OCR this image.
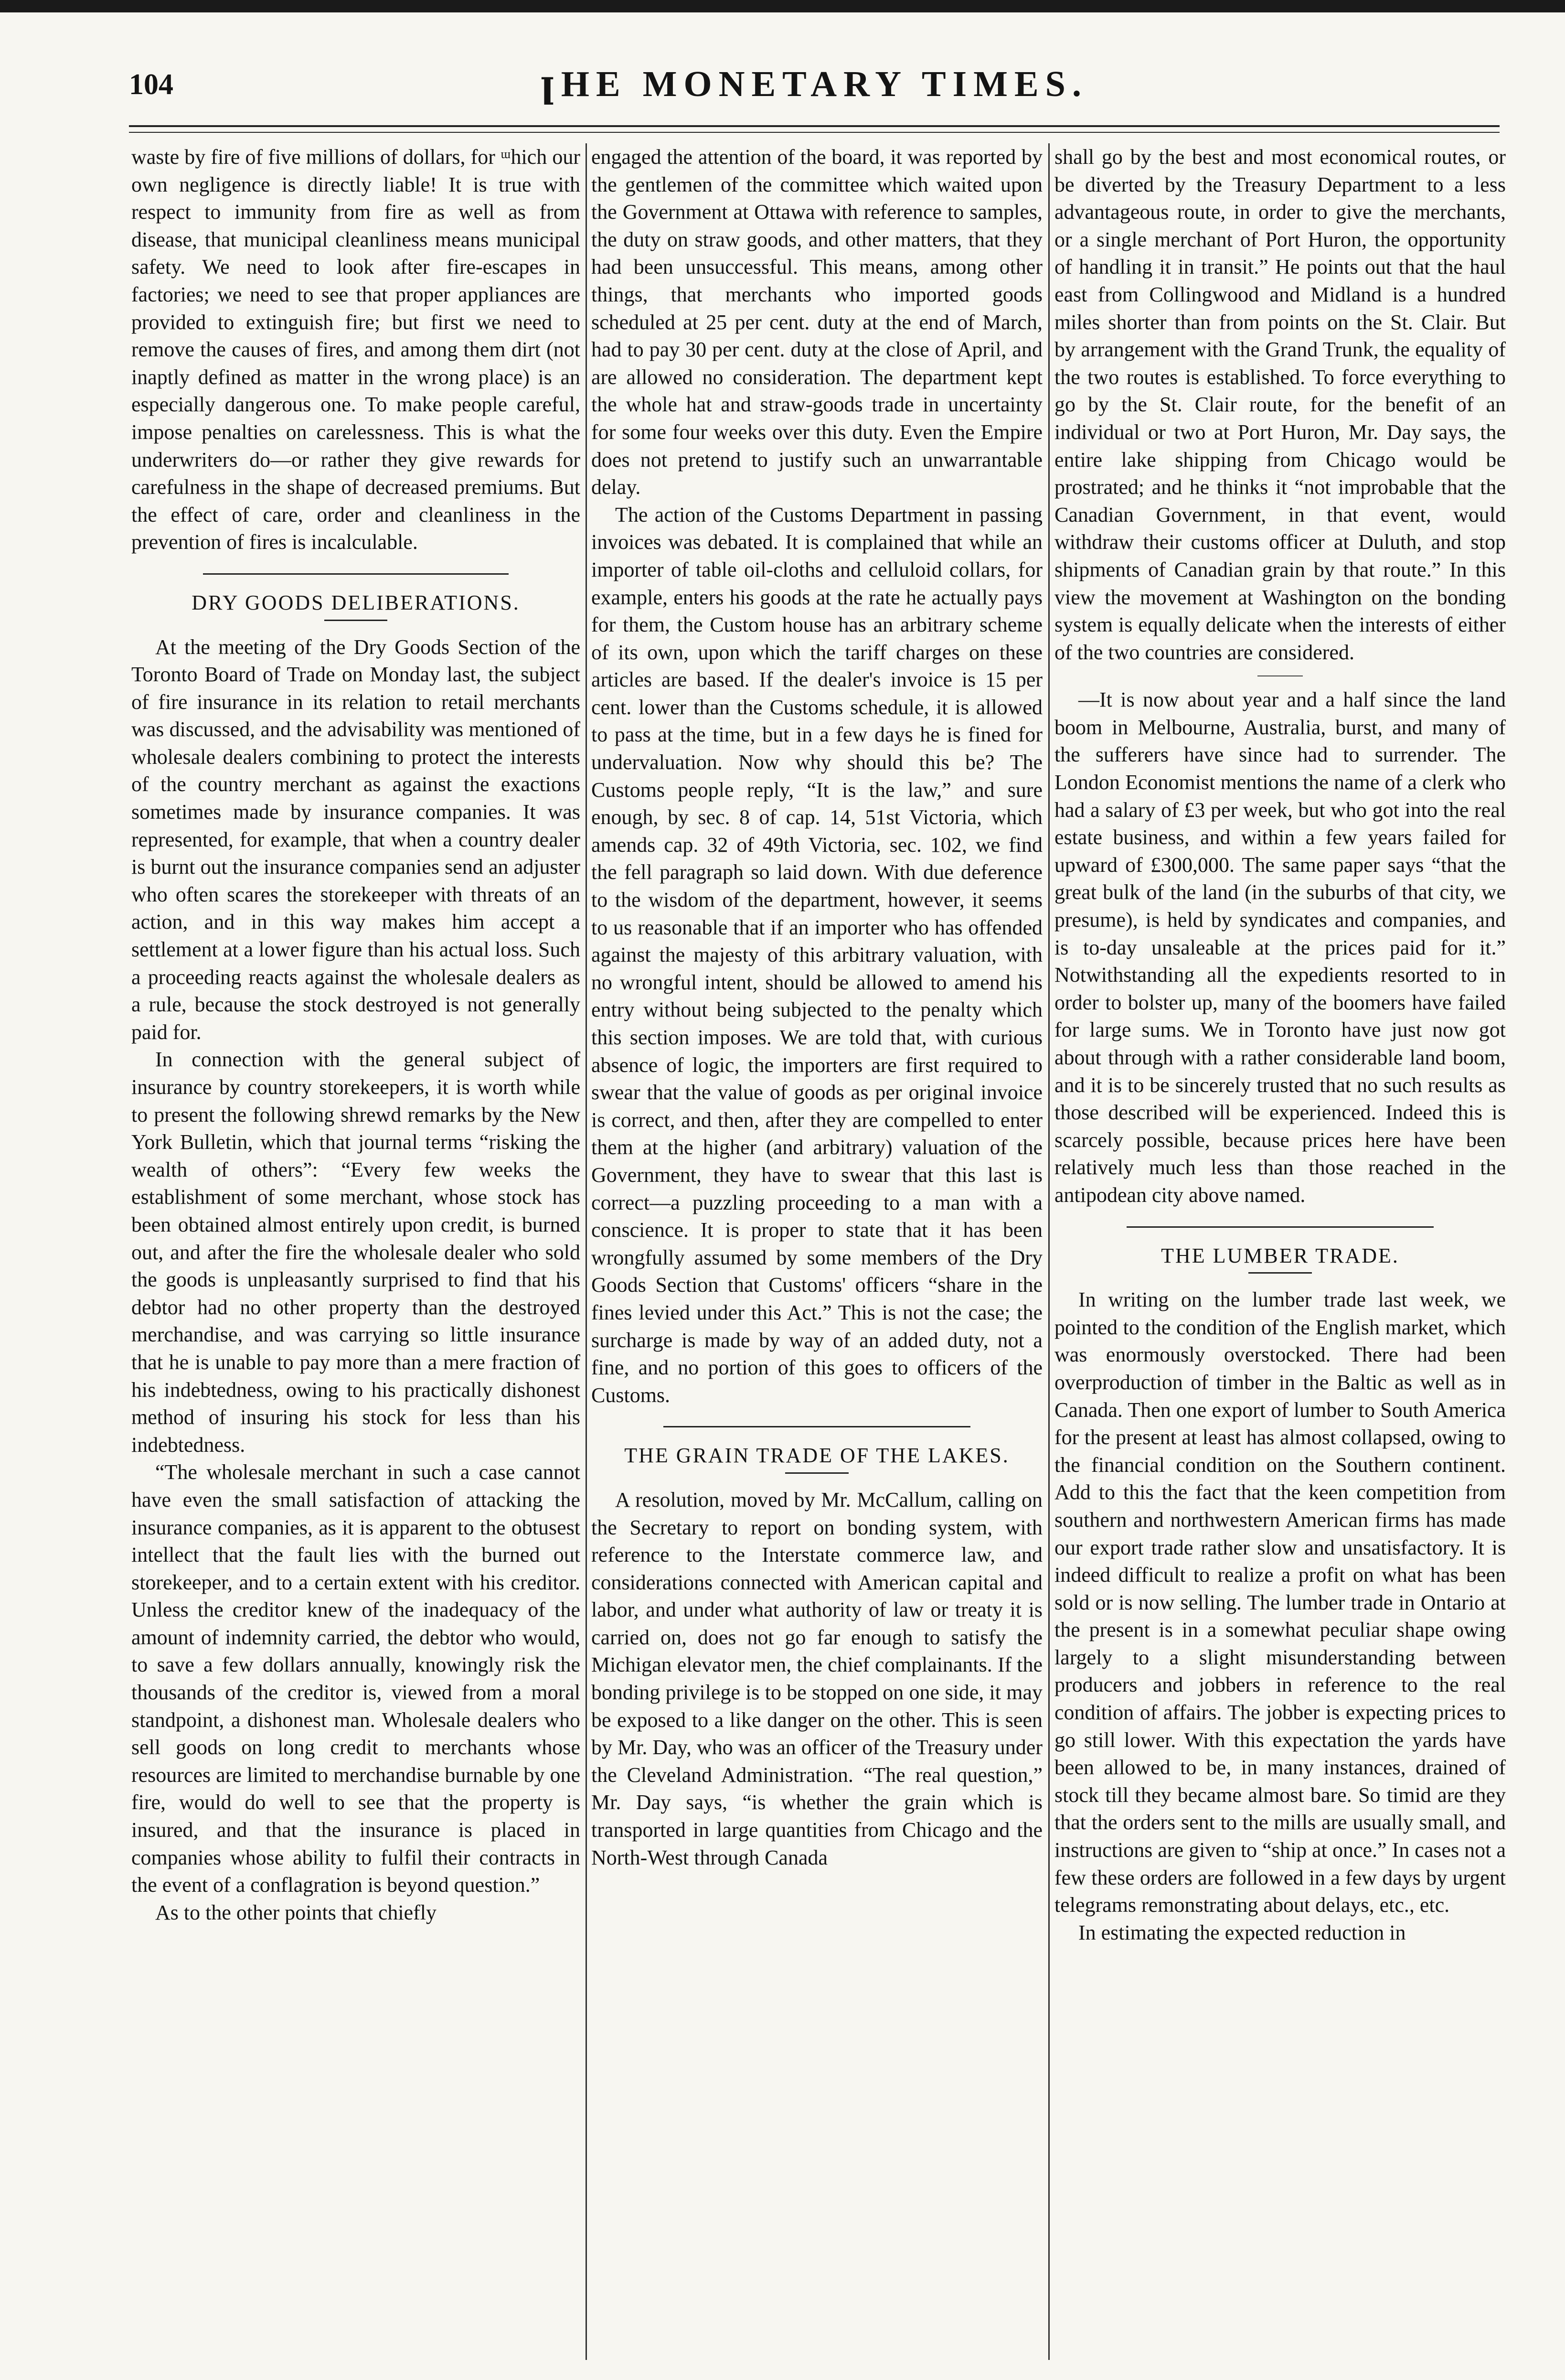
104	ꞁHE MONETARY TIMES.

waste by fire of five millions of dollars, for ᵚhich our own negligence is directly liable! It is true with respect to immunity from fire as well as from disease, that municipal cleanliness means municipal safety. We need to look after fire-escapes in factories; we need to see that proper appliances are provided to extinguish fire; but first we need to remove the causes of fires, and among them dirt (not inaptly defined as matter in the wrong place) is an especially dangerous one. To make people careful, impose penalties on carelessness. This is what the underwriters do—or rather they give rewards for carefulness in the shape of decreased premiums. But the effect of care, order and cleanliness in the prevention of fires is incalculable.

DRY GOODS DELIBERATIONS.

At the meeting of the Dry Goods Section of the Toronto Board of Trade on Monday last, the subject of fire insurance in its relation to retail merchants was discussed, and the advisability was mentioned of wholesale dealers combining to protect the interests of the country merchant as against the exactions sometimes made by insurance companies. It was represented, for example, that when a country dealer is burnt out the insurance companies send an adjuster who often scares the storekeeper with threats of an action, and in this way makes him accept a settlement at a lower figure than his actual loss. Such a proceeding reacts against the wholesale dealers as a rule, because the stock destroyed is not generally paid for.

In connection with the general subject of insurance by country storekeepers, it is worth while to present the following shrewd remarks by the New York Bulletin, which that journal terms “risking the wealth of others”: “Every few weeks the establishment of some merchant, whose stock has been obtained almost entirely upon credit, is burned out, and after the fire the wholesale dealer who sold the goods is unpleasantly surprised to find that his debtor had no other property than the destroyed merchandise, and was carrying so little insurance that he is unable to pay more than a mere fraction of his indebtedness, owing to his practically dishonest method of insuring his stock for less than his indebtedness.

“The wholesale merchant in such a case cannot have even the small satisfaction of attacking the insurance companies, as it is apparent to the obtusest intellect that the fault lies with the burned out storekeeper, and to a certain extent with his creditor. Unless the creditor knew of the inadequacy of the amount of indemnity carried, the debtor who would, to save a few dollars annually, knowingly risk the thousands of the creditor is, viewed from a moral standpoint, a dishonest man. Wholesale dealers who sell goods on long credit to merchants whose resources are limited to merchandise burnable by one fire, would do well to see that the property is insured, and that the insurance is placed in companies whose ability to fulfil their contracts in the event of a conflagration is beyond question.”

As to the other points that chiefly

engaged the attention of the board, it was reported by the gentlemen of the committee which waited upon the Government at Ottawa with reference to samples, the duty on straw goods, and other matters, that they had been unsuccessful. This means, among other things, that merchants who imported goods scheduled at 25 per cent. duty at the end of March, had to pay 30 per cent. duty at the close of April, and are allowed no consideration. The department kept the whole hat and straw-goods trade in uncertainty for some four weeks over this duty. Even the Empire does not pretend to justify such an unwarrantable delay.

The action of the Customs Department in passing invoices was debated. It is complained that while an importer of table oil-cloths and celluloid collars, for example, enters his goods at the rate he actually pays for them, the Custom house has an arbitrary scheme of its own, upon which the tariff charges on these articles are based. If the dealer's invoice is 15 per cent. lower than the Customs schedule, it is allowed to pass at the time, but in a few days he is fined for undervaluation. Now why should this be? The Customs people reply, “It is the law,” and sure enough, by sec. 8 of cap. 14, 51st Victoria, which amends cap. 32 of 49th Victoria, sec. 102, we find the fell paragraph so laid down. With due deference to the wisdom of the department, however, it seems to us reasonable that if an importer who has offended against the majesty of this arbitrary valuation, with no wrongful intent, should be allowed to amend his entry without being subjected to the penalty which this section imposes. We are told that, with curious absence of logic, the importers are first required to swear that the value of goods as per original invoice is correct, and then, after they are compelled to enter them at the higher (and arbitrary) valuation of the Government, they have to swear that this last is correct—a puzzling proceeding to a man with a conscience. It is proper to state that it has been wrongfully assumed by some members of the Dry Goods Section that Customs' officers “share in the fines levied under this Act.” This is not the case; the surcharge is made by way of an added duty, not a fine, and no portion of this goes to officers of the Customs.

THE GRAIN TRADE OF THE LAKES.

A resolution, moved by Mr. McCallum, calling on the Secretary to report on bonding system, with reference to the Interstate commerce law, and considerations connected with American capital and labor, and under what authority of law or treaty it is carried on, does not go far enough to satisfy the Michigan elevator men, the chief complainants. If the bonding privilege is to be stopped on one side, it may be exposed to a like danger on the other. This is seen by Mr. Day, who was an officer of the Treasury under the Cleveland Administration. “The real question,” Mr. Day says, “is whether the grain which is transported in large quantities from Chicago and the North-West through Canada

shall go by the best and most economical routes, or be diverted by the Treasury Department to a less advantageous route, in order to give the merchants, or a single merchant of Port Huron, the opportunity of handling it in transit.” He points out that the haul east from Collingwood and Midland is a hundred miles shorter than from points on the St. Clair. But by arrangement with the Grand Trunk, the equality of the two routes is established. To force everything to go by the St. Clair route, for the benefit of an individual or two at Port Huron, Mr. Day says, the entire lake shipping from Chicago would be prostrated; and he thinks it “not improbable that the Canadian Government, in that event, would withdraw their customs officer at Duluth, and stop shipments of Canadian grain by that route.” In this view the movement at Washington on the bonding system is equally delicate when the interests of either of the two countries are considered.

—It is now about year and a half since the land boom in Melbourne, Australia, burst, and many of the sufferers have since had to surrender. The London Economist mentions the name of a clerk who had a salary of £3 per week, but who got into the real estate business, and within a few years failed for upward of £300,000. The same paper says “that the great bulk of the land (in the suburbs of that city, we presume), is held by syndicates and companies, and is to-day unsaleable at the prices paid for it.” Notwithstanding all the expedients resorted to in order to bolster up, many of the boomers have failed for large sums. We in Toronto have just now got about through with a rather considerable land boom, and it is to be sincerely trusted that no such results as those described will be experienced. Indeed this is scarcely possible, because prices here have been relatively much less than those reached in the antipodean city above named.

THE LUMBER TRADE.

In writing on the lumber trade last week, we pointed to the condition of the English market, which was enormously overstocked. There had been overproduction of timber in the Baltic as well as in Canada. Then one export of lumber to South America for the present at least has almost collapsed, owing to the financial condition on the Southern continent. Add to this the fact that the keen competition from southern and northwestern American firms has made our export trade rather slow and unsatisfactory. It is indeed difficult to realize a profit on what has been sold or is now selling. The lumber trade in Ontario at the present is in a somewhat peculiar shape owing largely to a slight misunderstanding between producers and jobbers in reference to the real condition of affairs. The jobber is expecting prices to go still lower. With this expectation the yards have been allowed to be, in many instances, drained of stock till they became almost bare. So timid are they that the orders sent to the mills are usually small, and instructions are given to “ship at once.” In cases not a few these orders are followed in a few days by urgent telegrams remonstrating about delays, etc., etc.

In estimating the expected reduction in
